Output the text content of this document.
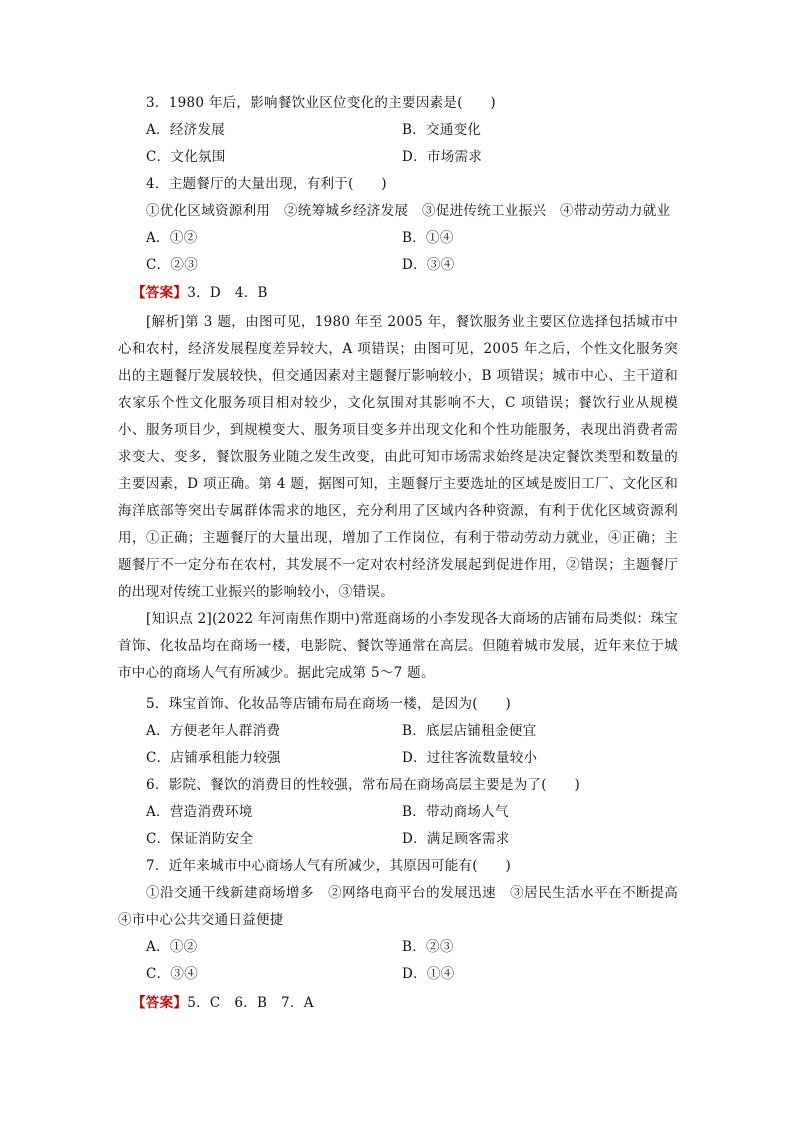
3．1980 年后，影响餐饮业区位变化的主要因素是(　　)
A．经济发展	B．交通变化
C．文化氛围	D．市场需求
4．主题餐厅的大量出现，有利于(　　)
①优化区域资源利用　②统筹城乡经济发展　③促进传统工业振兴　④带动劳动力就业
A．①②	B．①④
C．②③	D．③④
【答案】3．D　4．B

[解析]第 3 题，由图可见，1980 年至 2005 年，餐饮服务业主要区位选择包括城市中心和农村，经济发展程度差异较大，A 项错误；由图可见，2005 年之后，个性文化服务突出的主题餐厅发展较快，但交通因素对主题餐厅影响较小，B 项错误；城市中心、主干道和农家乐个性文化服务项目相对较少，文化氛围对其影响不大，C 项错误；餐饮行业从规模小、服务项目少，到规模变大、服务项目变多并出现文化和个性功能服务，表现出消费者需求变大、变多，餐饮服务业随之发生改变，由此可知市场需求始终是决定餐饮类型和数量的主要因素，D 项正确。第 4 题，据图可知，主题餐厅主要选址的区域是废旧工厂、文化区和海洋底部等突出专属群体需求的地区，充分利用了区域内各种资源，有利于优化区域资源利用，①正确；主题餐厅的大量出现，增加了工作岗位，有利于带动劳动力就业，④正确；主题餐厅不一定分布在农村，其发展不一定对农村经济发展起到促进作用，②错误；主题餐厅的出现对传统工业振兴的影响较小，③错误。

[知识点 2](2022 年河南焦作期中)常逛商场的小李发现各大商场的店铺布局类似：珠宝首饰、化妆品均在商场一楼，电影院、餐饮等通常在高层。但随着城市发展，近年来位于城市中心的商场人气有所减少。据此完成第 5～7 题。

5．珠宝首饰、化妆品等店铺布局在商场一楼，是因为(　　)
A．方便老年人群消费	B．底层店铺租金便宜
C．店铺承租能力较强	D．过往客流数量较小
6．影院、餐饮的消费目的性较强，常布局在商场高层主要是为了(　　)
A．营造消费环境	B．带动商场人气
C．保证消防安全	D．满足顾客需求
7．近年来城市中心商场人气有所减少，其原因可能有(　　)

①沿交通干线新建商场增多　②网络电商平台的发展迅速　③居民生活水平在不断提高　④市中心公共交通日益便捷

A．①②	B．②③
C．③④	D．①④
【答案】5．C　6．B　7．A
